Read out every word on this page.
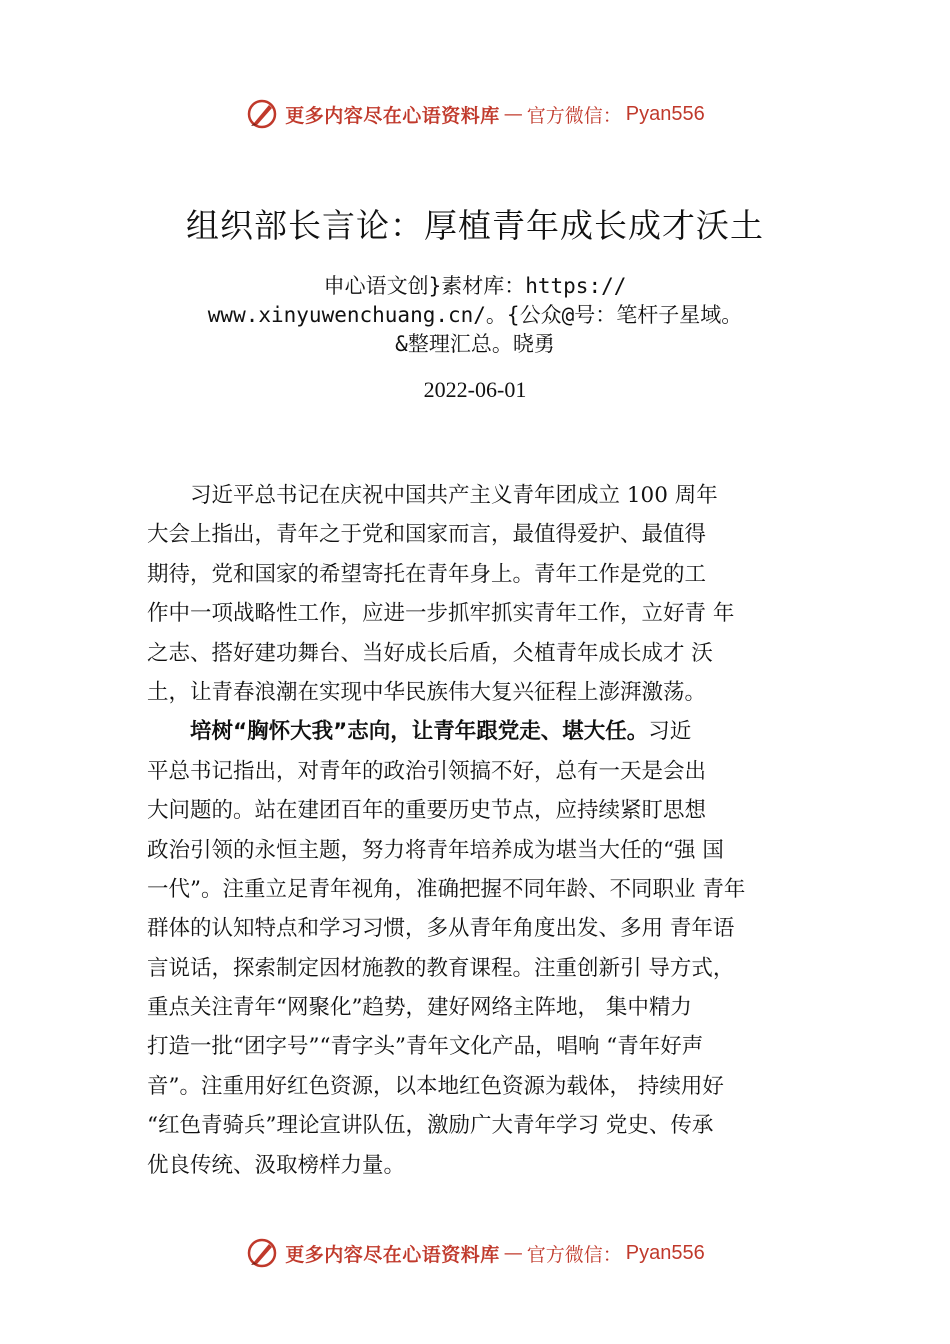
更多内容尽在心语资料库 — 官方微信： Pyan556
组织部长言论：厚植青年成长成才沃土
申心语文创}素材库：https://
www.xinyuwenchuang.cn/。{公众@号：笔杆子星域。
&整理汇总。晓勇
2022-06-01
　　习近平总书记在庆祝中国共产主义青年团成立 100 周年
大会上指出，青年之于党和国家而言，最值得爱护、最值得
期待，党和国家的希望寄托在青年身上。青年工作是党的工
作中一项战略性工作，应进一步抓牢抓实青年工作，立好青 年
之志、搭好建功舞台、当好成长后盾，仌植青年成长成才 沃
土，让青春浪潮在实现中华民族伟大复兴征程上澎湃激荡。
　　培树“胸怀大我”志向，让青年跟党走、堪大任。习近
平总书记指出，对青年的政治引领搞不好，总有一天是会出
大问题的。站在建团百年的重要历史节点，应持续紧盯思想
政治引领的永恒主题，努力将青年培养成为堪当大任的“强 国
一代”。注重立足青年视角，准确把握不同年龄、不同职业 青年
群体的认知特点和学习习惯，多从青年角度出发、多用 青年语
言说话，探索制定因材施教的教育课程。注重创新引 导方式，
重点关注青年“网聚化”趋势，建好网络主阵地， 集中精力
打造一批“团字号”“青字头”青年文化产品，唱响 “青年好声
音”。注重用好红色资源，以本地红色资源为载体， 持续用好
“红色青骑兵”理论宣讲队伍，激励广大青年学习 党史、传承
优良传统、汲取榜样力量。
更多内容尽在心语资料库 — 官方微信： Pyan556
